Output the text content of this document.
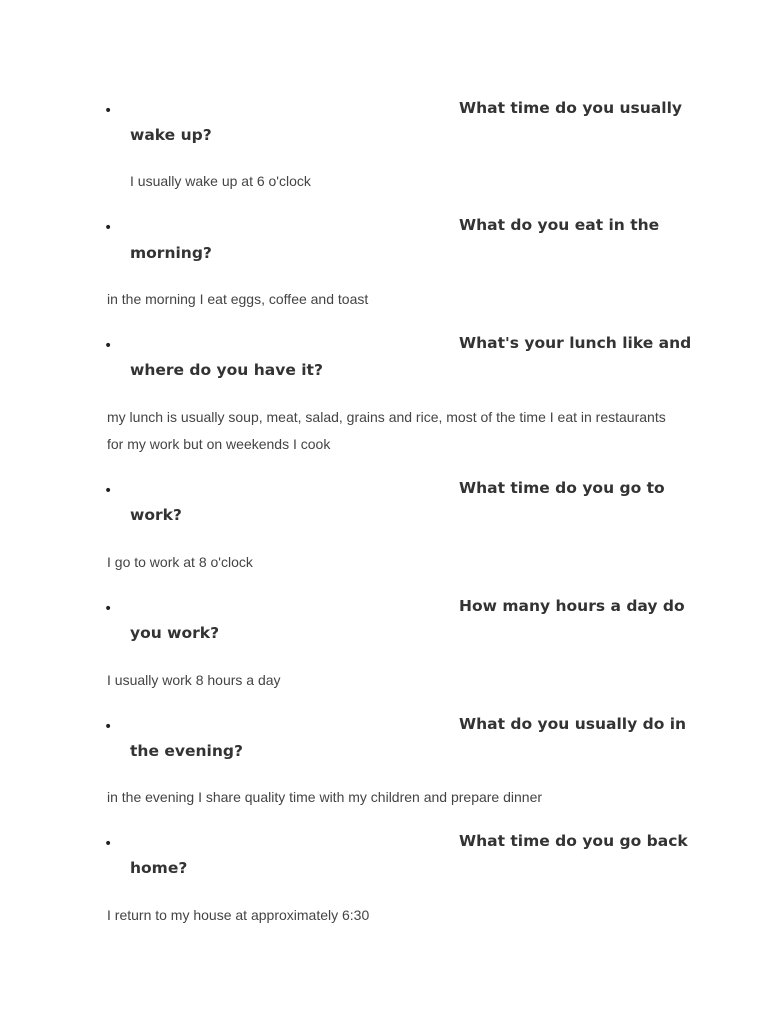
•	What time do you usually
wake up?
I usually wake up at 6 o'clock
•	What do you eat in the
morning?
in the morning I eat eggs, coffee and toast
•	What's your lunch like and
where do you have it?
my lunch is usually soup, meat, salad, grains and rice, most of the time I eat in restaurants
for my work but on weekends I cook
•	What time do you go to
work?
I go to work at 8 o'clock
•	How many hours a day do
you work?
I usually work 8 hours a day
•	What do you usually do in
the evening?
in the evening I share quality time with my children and prepare dinner
•	What time do you go back
home?
I return to my house at approximately 6:30
